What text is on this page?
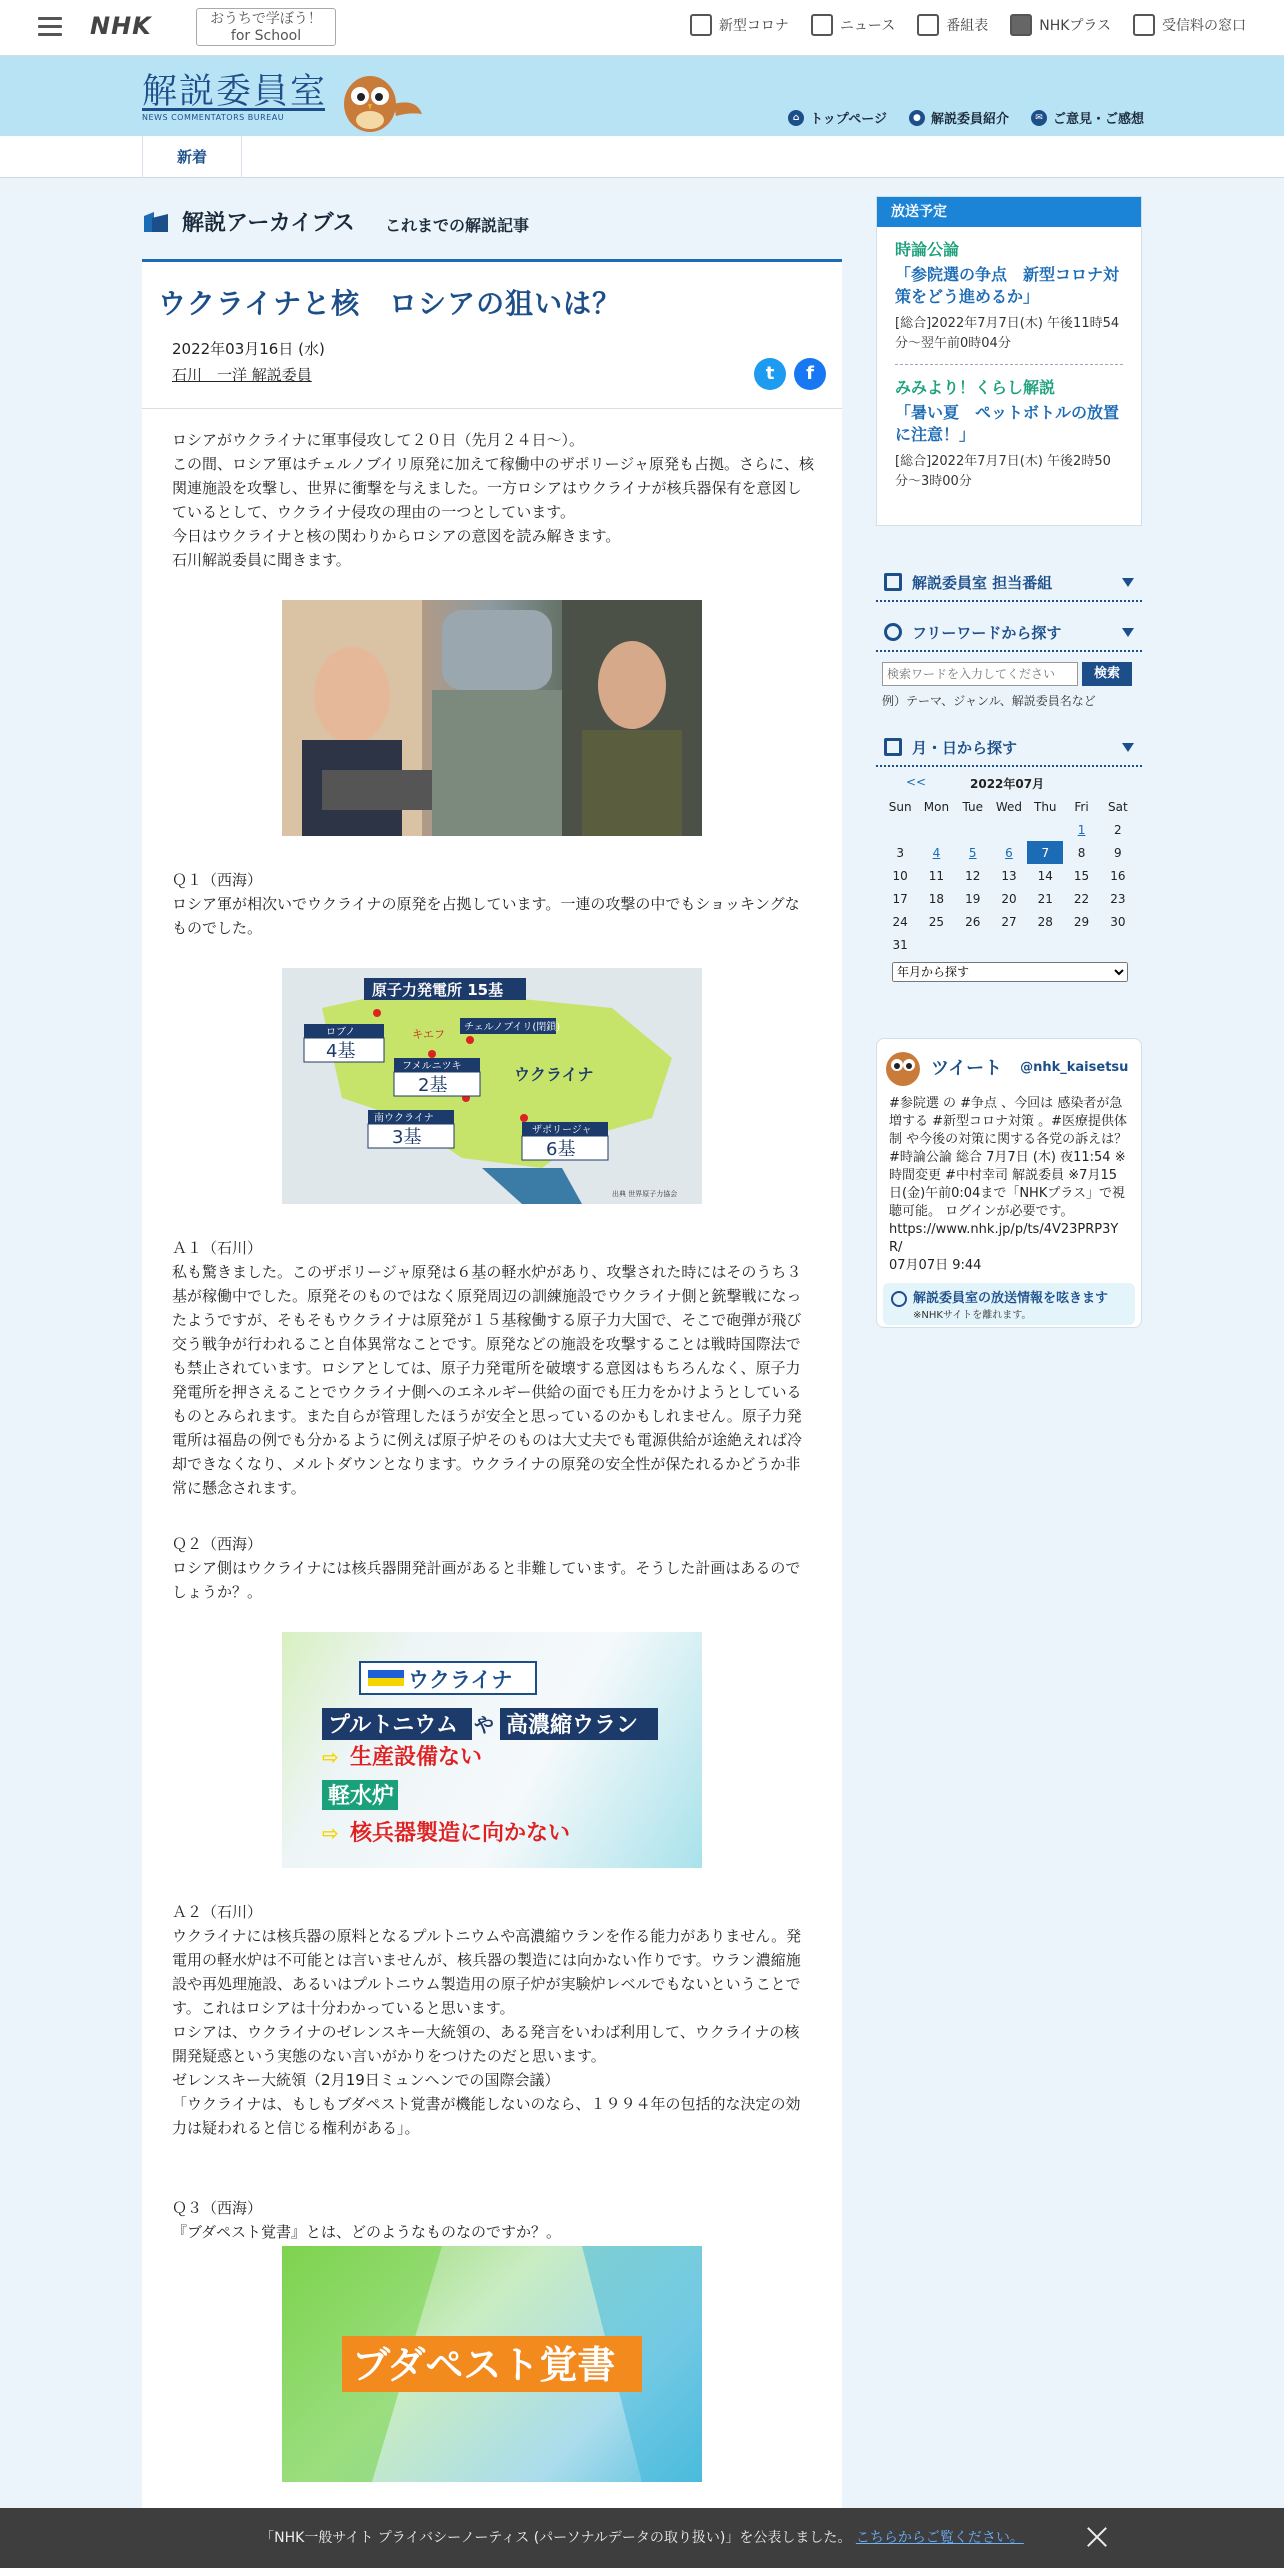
NHK	おうちで学ぼう！
for School
新型コロナ	ニュース	番組表	NHKプラス	受信料の窓口
解説委員室
NEWS COMMENTATORS BUREAU	⌂ トップページ	● 解説委員紹介	✉ ご意見・ご感想
新着
解説アーカイブス これまでの解説記事
ウクライナと核　ロシアの狙いは？
2022年03月16日 (水)
石川　一洋 解説委員	t	f
ロシアがウクライナに軍事侵攻して２０日（先月２４日～）。
この間、ロシア軍はチェルノブイリ原発に加えて稼働中のザポリージャ原発も占拠。さらに、核関連施設を攻撃し、世界に衝撃を与えました。一方ロシアはウクライナが核兵器保有を意図しているとして、ウクライナ侵攻の理由の一つとしています。
今日はウクライナと核の関わりからロシアの意図を読み解きます。
石川解説委員に聞きます。
Ｑ１（西海）
ロシア軍が相次いでウクライナの原発を占拠しています。一連の攻撃の中でもショッキングなものでした。
原子力発電所 15基
キエフ
チェルノブイリ(閉鎖)
ウクライナ
ロブノ
4基
フメルニツキ
2基
南ウクライナ
3基	ザポリージャ
6基
出典 世界原子力協会
Ａ１（石川）
私も驚きました。このザポリージャ原発は６基の軽水炉があり、攻撃された時にはそのうち３基が稼働中でした。原発そのものではなく原発周辺の訓練施設でウクライナ側と銃撃戦になったようですが、そもそもウクライナは原発が１５基稼働する原子力大国で、そこで砲弾が飛び交う戦争が行われること自体異常なことです。原発などの施設を攻撃することは戦時国際法でも禁止されています。ロシアとしては、原子力発電所を破壊する意図はもちろんなく、原子力発電所を押さえることでウクライナ側へのエネルギー供給の面でも圧力をかけようとしているものとみられます。また自らが管理したほうが安全と思っているのかもしれません。原子力発電所は福島の例でも分かるように例えば原子炉そのものは大丈夫でも電源供給が途絶えれば冷却できなくなり、メルトダウンとなります。ウクライナの原発の安全性が保たれるかどうか非常に懸念されます。
Ｑ２（西海）
ロシア側はウクライナには核兵器開発計画があると非難しています。そうした計画はあるのでしょうか？。
ウクライナ
プルトニウム や 高濃縮ウラン
⇨ 生産設備ない
軽水炉
⇨ 核兵器製造に向かない
Ａ２（石川）
ウクライナには核兵器の原料となるプルトニウムや高濃縮ウランを作る能力がありません。発電用の軽水炉は不可能とは言いませんが、核兵器の製造には向かない作りです。ウラン濃縮施設や再処理施設、あるいはプルトニウム製造用の原子炉が実験炉レベルでもないということです。これはロシアは十分わかっていると思います。
ロシアは、ウクライナのゼレンスキー大統領の、ある発言をいわば利用して、ウクライナの核開発疑惑という実態のない言いがかりをつけたのだと思います。
ゼレンスキー大統領（2月19日ミュンヘンでの国際会議）
「ウクライナは、もしもブダペスト覚書が機能しないのなら、１９９４年の包括的な決定の効力は疑われると信じる権利がある」。
Ｑ３（西海）
『ブダペスト覚書』とは、どのようなものなのですか？。
ブダペスト覚書
放送予定
時論公論
「参院選の争点　新型コロナ対策をどう進めるか」
[総合]2022年7月7日(木) 午後11時54分～翌午前0時04分
みみより！くらし解説
「暑い夏　ペットボトルの放置に注意！」
[総合]2022年7月7日(木) 午後2時50分～3時00分
解説委員室 担当番組
フリーワードから探す
検索ワードを入力してください検索
例）テーマ、ジャンル、解説委員名など
月・日から探す
<<	2022年07月
Sun	Mon	Tue	Wed	Thu	Fri	Sat
					1	2
3	4	5	6	7	8	9
10	11	12	13	14	15	16
17	18	19	20	21	22	23
24	25	26	27	28	29	30
31						
年月から探す
ツイート @nhk_kaisetsu
#参院選 の #争点 、今回は 感染者が急増する #新型コロナ対策 。#医療提供体制 や今後の対策に関する各党の訴えは？ #時論公論 総合 7月7日 (木) 夜11:54 ※時間変更 #中村幸司 解説委員 ※7月15日(金)午前0:04まで「NHKプラス」で視聴可能。 ログインが必要です。
https://www.nhk.jp/p/ts/4V23PRP3YR/
07月07日 9:44
解説委員室の放送情報を呟きます
※NHKサイトを離れます。
「NHK一般サイト プライバシーノーティス (パーソナルデータの取り扱い)」を公表しました。 こちらからご覧ください。
